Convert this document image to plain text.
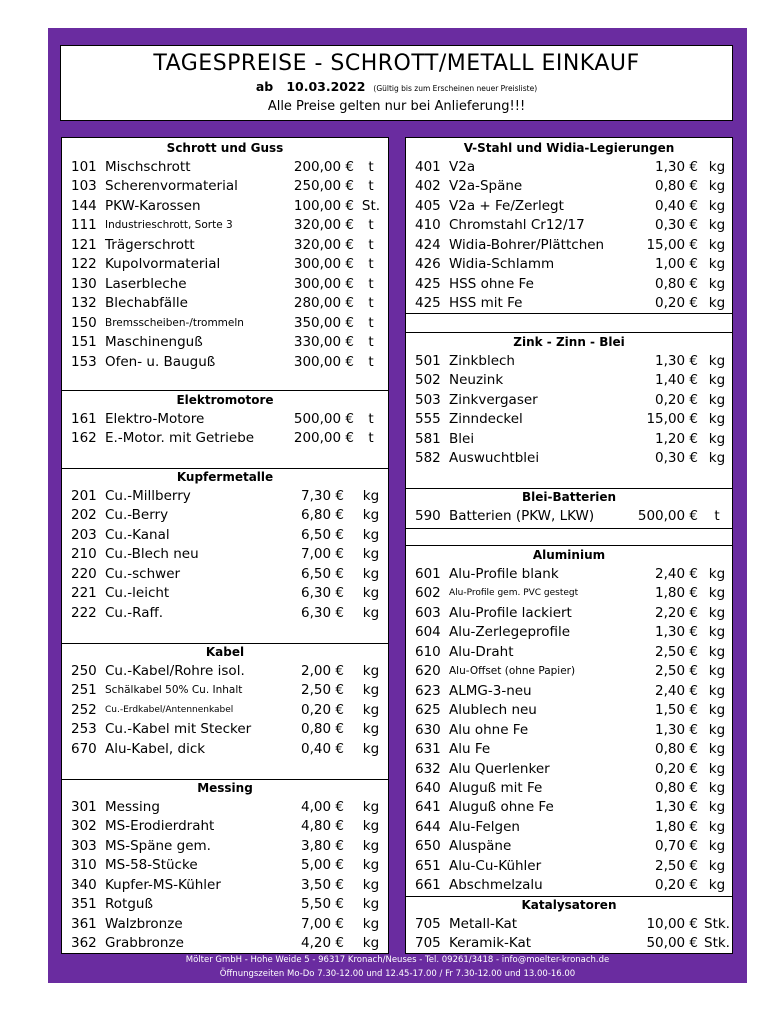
TAGESPREISE - SCHROTT/METALL EINKAUF
ab 10.03.2022 (Gültig bis zum Erscheinen neuer Preisliste)
Alle Preise gelten nur bei Anlieferung!!!
Schrott und Guss
101 Mischschrott	200,00 €	t
103 Scherenvormaterial	250,00 €	t
144 PKW-Karossen	100,00 € St.
111 Industrieschrott, Sorte 3	320,00 €	t
121 Trägerschrott	320,00 €	t
122 Kupolvormaterial	300,00 €	t
130 Laserbleche	300,00 €	t
132 Blechabfälle	280,00 €	t
150 Bremsscheiben-/trommeln	350,00 €	t
151 Maschinenguß	330,00 €	t
153 Ofen- u. Bauguß	300,00 €	t
Elektromotore
161 Elektro-Motore	500,00 €	t
162 E.-Motor. mit Getriebe	200,00 €	t
Kupfermetalle
201 Cu.-Millberry	7,30 €	kg
202 Cu.-Berry	6,80 €	kg
203 Cu.-Kanal	6,50 €	kg
210 Cu.-Blech neu	7,00 €	kg
220 Cu.-schwer	6,50 €	kg
221 Cu.-leicht	6,30 €	kg
222 Cu.-Raff.	6,30 €	kg
Kabel
250 Cu.-Kabel/Rohre isol.	2,00 €	kg
251 Schälkabel 50% Cu. Inhalt	2,50 €	kg
252 Cu.-Erdkabel/Antennenkabel	0,20 €	kg
253 Cu.-Kabel mit Stecker	0,80 €	kg
670 Alu-Kabel, dick	0,40 €	kg
Messing
301 Messing	4,00 €	kg
302 MS-Erodierdraht	4,80 €	kg
303 MS-Späne gem.	3,80 €	kg
310 MS-58-Stücke	5,00 €	kg
340 Kupfer-MS-Kühler	3,50 €	kg
351 Rotguß	5,50 €	kg
361 Walzbronze	7,00 €	kg
362 Grabbronze	4,20 €	kg
V-Stahl und Widia-Legierungen
401 V2a	1,30 € kg
402 V2a-Späne	0,80 € kg
405 V2a + Fe/Zerlegt	0,40 € kg
410 Chromstahl Cr12/17	0,30 € kg
424 Widia-Bohrer/Plättchen	15,00 € kg
426 Widia-Schlamm	1,00 € kg
425 HSS ohne Fe	0,80 € kg
425 HSS mit Fe	0,20 € kg
Zink - Zinn - Blei
501 Zinkblech	1,30 € kg
502 Neuzink	1,40 € kg
503 Zinkvergaser	0,20 € kg
555 Zinndeckel	15,00 € kg
581 Blei	1,20 € kg
582 Auswuchtblei	0,30 € kg
Blei-Batterien
590 Batterien (PKW, LKW)	500,00 €	t
Aluminium
601 Alu-Profile blank	2,40 € kg
602 Alu-Profile gem. PVC gestegt	1,80 € kg
603 Alu-Profile lackiert	2,20 € kg
604 Alu-Zerlegeprofile	1,30 € kg
610 Alu-Draht	2,50 € kg
620 Alu-Offset (ohne Papier)	2,50 € kg
623 ALMG-3-neu	2,40 € kg
625 Alublech neu	1,50 € kg
630 Alu ohne Fe	1,30 € kg
631 Alu Fe	0,80 € kg
632 Alu Querlenker	0,20 € kg
640 Aluguß mit Fe	0,80 € kg
641 Aluguß ohne Fe	1,30 € kg
644 Alu-Felgen	1,80 € kg
650 Aluspäne	0,70 € kg
651 Alu-Cu-Kühler	2,50 € kg
661 Abschmelzalu	0,20 € kg
Katalysatoren
705 Metall-Kat	10,00 € Stk.
705 Keramik-Kat	50,00 € Stk.
Mölter GmbH - Hohe Weide 5 - 96317 Kronach/Neuses - Tel. 09261/3418 - info@moelter-kronach.de
Öffnungszeiten Mo-Do 7.30-12.00 und 12.45-17.00 / Fr 7.30-12.00 und 13.00-16.00
